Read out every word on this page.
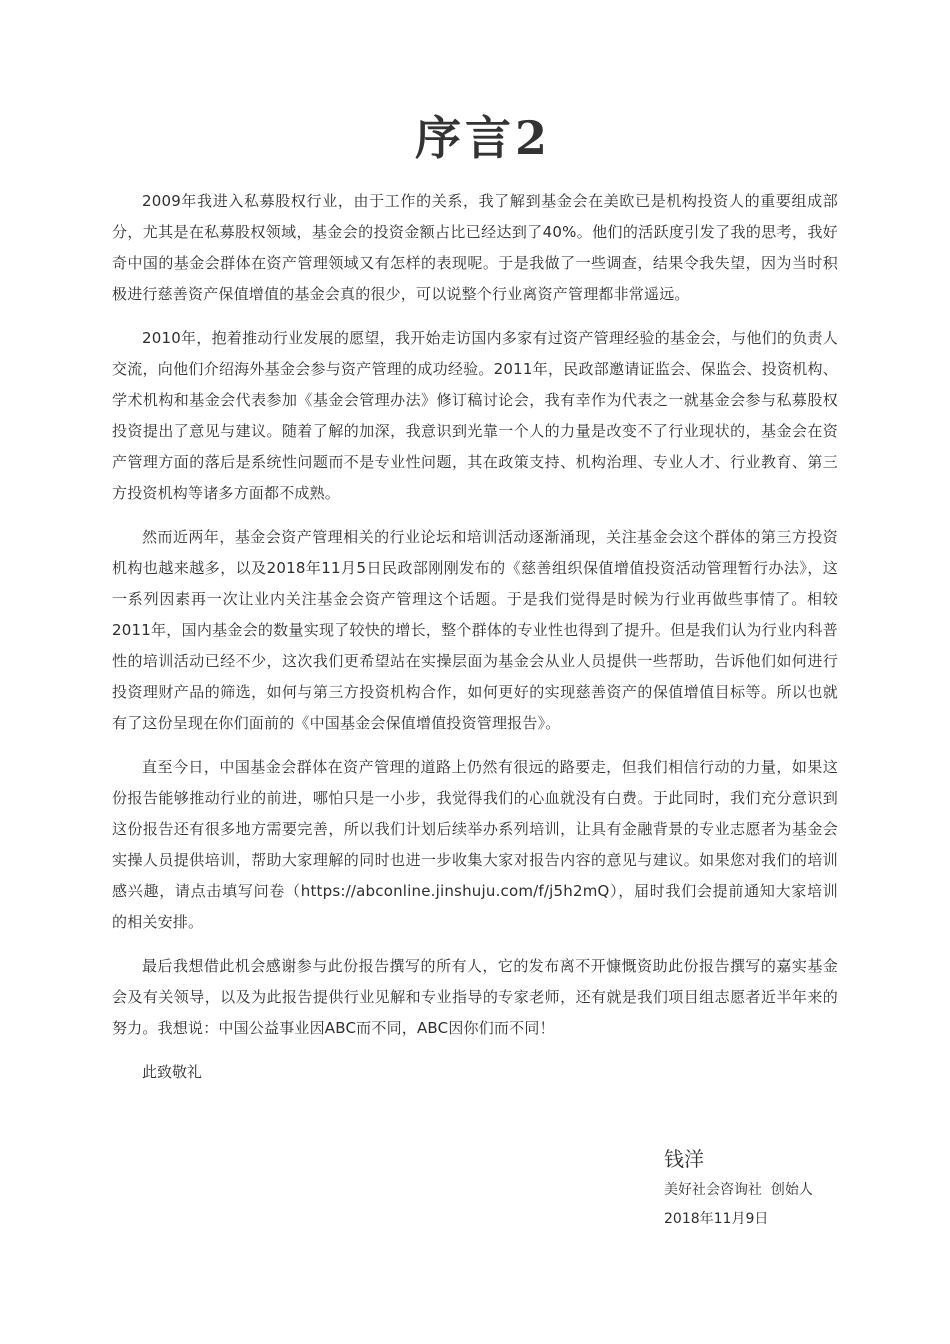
序言2

2009年我进入私募股权行业，由于工作的关系，我了解到基金会在美欧已是机构投资人的重要组成部分，尤其是在私募股权领域，基金会的投资金额占比已经达到了40%。他们的活跃度引发了我的思考，我好奇中国的基金会群体在资产管理领域又有怎样的表现呢。于是我做了一些调查，结果令我失望，因为当时积极进行慈善资产保值增值的基金会真的很少，可以说整个行业离资产管理都非常遥远。

2010年，抱着推动行业发展的愿望，我开始走访国内多家有过资产管理经验的基金会，与他们的负责人交流，向他们介绍海外基金会参与资产管理的成功经验。2011年，民政部邀请证监会、保监会、投资机构、学术机构和基金会代表参加《基金会管理办法》修订稿讨论会，我有幸作为代表之一就基金会参与私募股权投资提出了意见与建议。随着了解的加深，我意识到光靠一个人的力量是改变不了行业现状的，基金会在资产管理方面的落后是系统性问题而不是专业性问题，其在政策支持、机构治理、专业人才、行业教育、第三方投资机构等诸多方面都不成熟。

然而近两年，基金会资产管理相关的行业论坛和培训活动逐渐涌现，关注基金会这个群体的第三方投资机构也越来越多，以及2018年11月5日民政部刚刚发布的《慈善组织保值增值投资活动管理暂行办法》，这一系列因素再一次让业内关注基金会资产管理这个话题。于是我们觉得是时候为行业再做些事情了。相较2011年，国内基金会的数量实现了较快的增长，整个群体的专业性也得到了提升。但是我们认为行业内科普性的培训活动已经不少，这次我们更希望站在实操层面为基金会从业人员提供一些帮助，告诉他们如何进行投资理财产品的筛选，如何与第三方投资机构合作，如何更好的实现慈善资产的保值增值目标等。所以也就有了这份呈现在你们面前的《中国基金会保值增值投资管理报告》。

直至今日，中国基金会群体在资产管理的道路上仍然有很远的路要走，但我们相信行动的力量，如果这份报告能够推动行业的前进，哪怕只是一小步，我觉得我们的心血就没有白费。于此同时，我们充分意识到这份报告还有很多地方需要完善，所以我们计划后续举办系列培训，让具有金融背景的专业志愿者为基金会实操人员提供培训，帮助大家理解的同时也进一步收集大家对报告内容的意见与建议。如果您对我们的培训感兴趣，请点击填写问卷（https://abconline.jinshuju.com/f/j5h2mQ），届时我们会提前通知大家培训的相关安排。

最后我想借此机会感谢参与此份报告撰写的所有人，它的发布离不开慷慨资助此份报告撰写的嘉实基金会及有关领导，以及为此报告提供行业见解和专业指导的专家老师，还有就是我们项目组志愿者近半年来的努力。我想说：中国公益事业因ABC而不同，ABC因你们而不同！

此致敬礼

钱洋

美好社会咨询社  创始人

2018年11月9日
